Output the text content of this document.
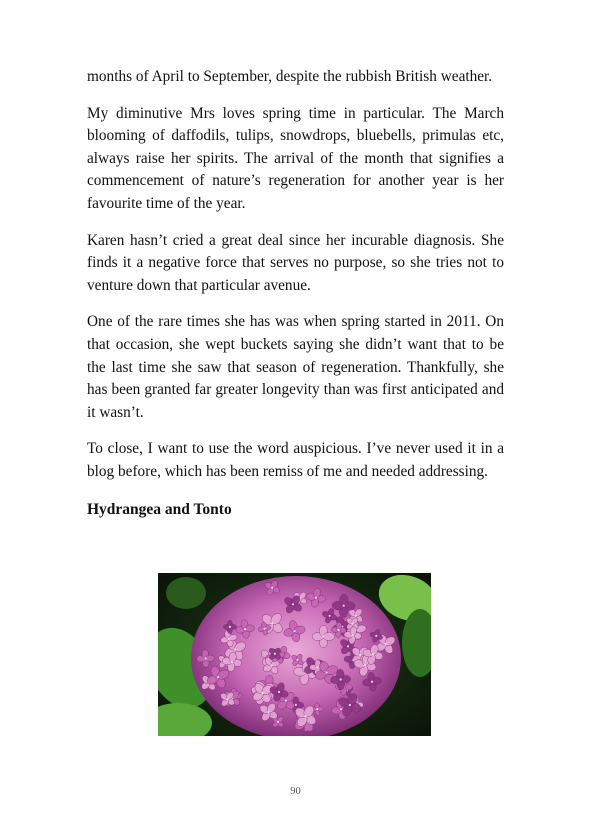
months of April to September, despite the rubbish British weather.

My diminutive Mrs loves spring time in particular. The March blooming of daffodils, tulips, snowdrops, bluebells, primulas etc, always raise her spirits. The arrival of the month that signifies a commencement of nature’s regeneration for another year is her favourite time of the year.

Karen hasn’t cried a great deal since her incurable diagnosis. She finds it a negative force that serves no purpose, so she tries not to venture down that particular avenue.

One of the rare times she has was when spring started in 2011. On that occasion, she wept buckets saying she didn’t want that to be the last time she saw that season of regeneration. Thankfully, she has been granted far greater longevity than was first anticipated and it wasn’t.

To close, I want to use the word auspicious. I’ve never used it in a blog before, which has been remiss of me and needed addressing.

Hydrangea and Tonto
90
